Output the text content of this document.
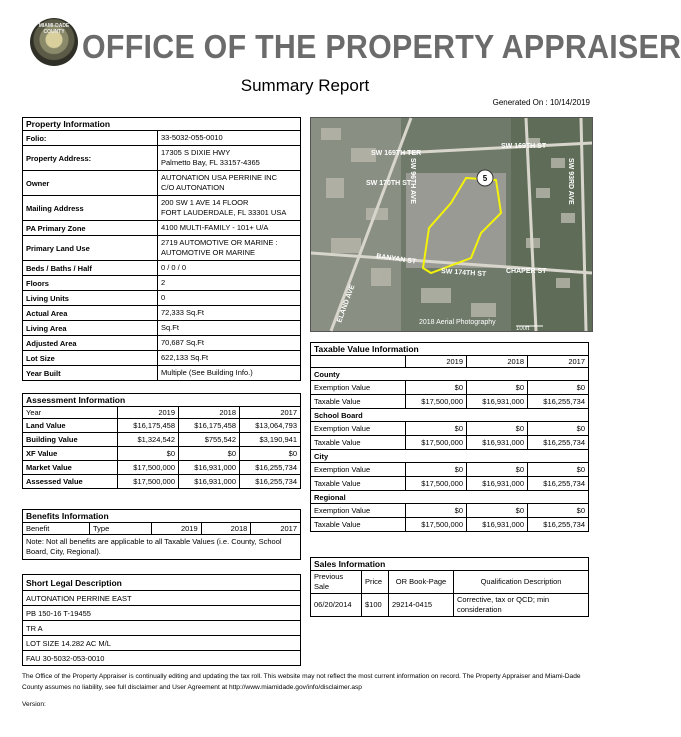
MIAMI-DADE COUNTY OFFICE OF THE PROPERTY APPRAISER
Summary Report
Generated On : 10/14/2019
Property Information	
Folio:	33-5032-055-0010
Property Address:	17305 S DIXIE HWY
Palmetto Bay, FL 33157-4365
Owner	AUTONATION USA PERRINE INC
C/O AUTONATION
Mailing Address	200 SW 1 AVE 14 FLOOR
FORT LAUDERDALE, FL 33301 USA
PA Primary Zone	4100 MULTI-FAMILY - 101+ U/A
Primary Land Use	2719 AUTOMOTIVE OR MARINE :
AUTOMOTIVE OR MARINE
Beds / Baths / Half	0 / 0 / 0
Floors	2
Living Units	0
Actual Area	72,333 Sq.Ft
Living Area	Sq.Ft
Adjusted Area	70,687 Sq.Ft
Lot Size	622,133 Sq.Ft
Year Built	Multiple (See Building Info.)
Assessment Information			
Year	2019	2018	2017
Land Value	$16,175,458	$16,175,458	$13,064,793
Building Value	$1,324,542	$755,542	$3,190,941
XF Value	$0	$0	$0
Market Value	$17,500,000	$16,931,000	$16,255,734
Assessed Value	$17,500,000	$16,931,000	$16,255,734
Benefits Information
Benefit	Type	2019	2018	2017
Note: Not all benefits are applicable to all Taxable Values (i.e. County, School Board, City, Regional).
Short Legal Description
AUTONATION PERRINE EAST
PB 150-16 T-19455
TR A
LOT SIZE 14.282 AC M/L
FAU 30-5032-053-0010
5
SW 169TH TER
SW 169TH ST
SW 170TH ST
BANYAN ST
SW 174TH ST	CHAPER ST
SW 93RD AVE
SW 96TH AVE
ELAND AVE	2018 Aerial Photography
100ft
Taxable Value Information			
	2019	2018	2017
County			
Exemption Value	$0	$0	$0
Taxable Value	$17,500,000	$16,931,000	$16,255,734
School Board			
Exemption Value	$0	$0	$0
Taxable Value	$17,500,000	$16,931,000	$16,255,734
City			
Exemption Value	$0	$0	$0
Taxable Value	$17,500,000	$16,931,000	$16,255,734
Regional			
Exemption Value	$0	$0	$0
Taxable Value	$17,500,000	$16,931,000	$16,255,734
Sales Information			
Previous Sale	Price	OR Book-Page	Qualification Description
06/20/2014	$100	29214-0415	Corrective, tax or QCD; min consideration
The Office of the Property Appraiser is continually editing and updating the tax roll. This website may not reflect the most current information on record. The Property Appraiser and Miami-Dade County assumes no liability, see full disclaimer and User Agreement at http://www.miamidade.gov/info/disclaimer.asp
Version:
